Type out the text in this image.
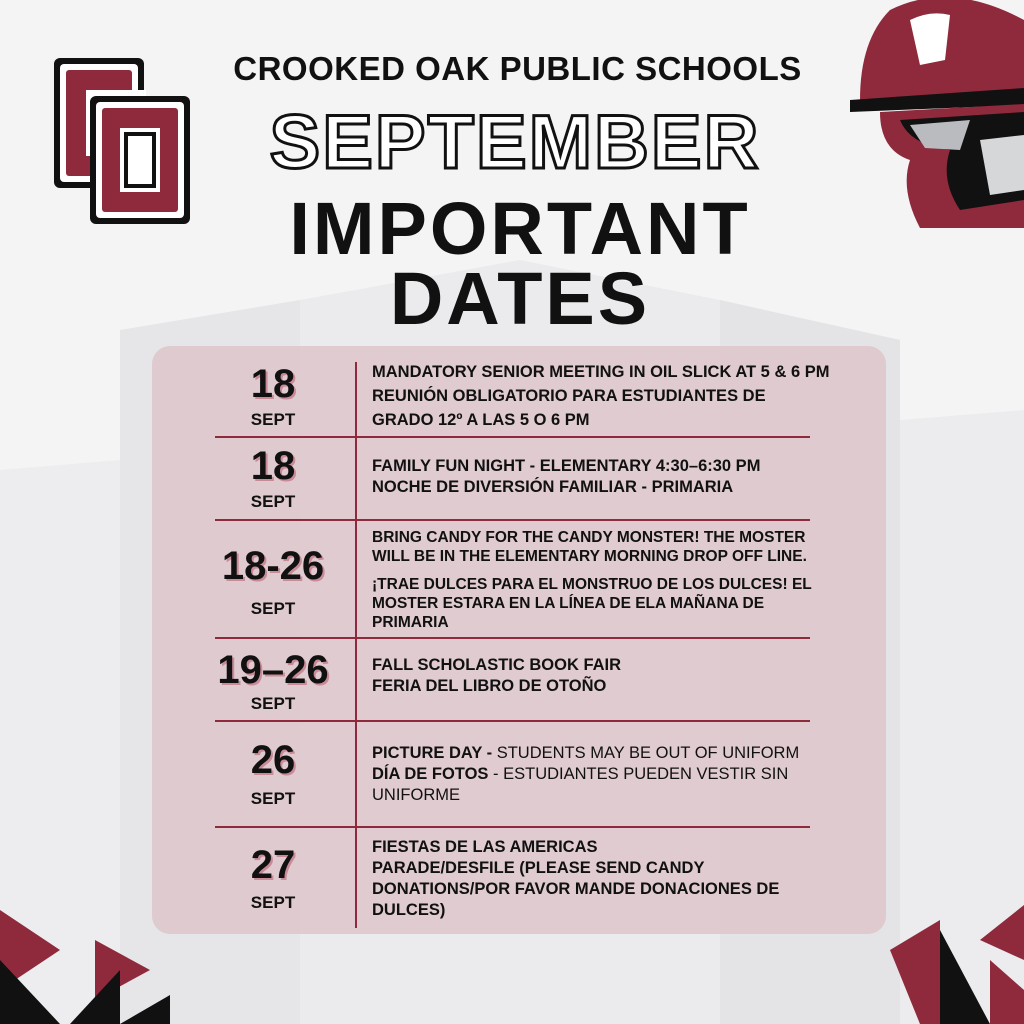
CROOKED OAK PUBLIC SCHOOLS
SEPTEMBER
IMPORTANT
DATES
18
SEPT
MANDATORY SENIOR MEETING IN OIL SLICK AT 5 & 6 PM
REUNIÓN OBLIGATORIO PARA ESTUDIANTES DE
GRADO 12º A LAS 5 O 6 PM
18
SEPT
FAMILY FUN NIGHT - ELEMENTARY 4:30–6:30 PM
NOCHE DE DIVERSIÓN FAMILIAR - PRIMARIA
18-26
SEPT
BRING CANDY FOR THE CANDY MONSTER! THE MOSTER
WILL BE IN THE ELEMENTARY MORNING DROP OFF LINE.
¡TRAE DULCES PARA EL MONSTRUO DE LOS DULCES! EL
MOSTER ESTARA EN LA LÍNEA DE ELA MAÑANA DE
PRIMARIA
19–26
SEPT
FALL SCHOLASTIC BOOK FAIR
FERIA DEL LIBRO DE OTOÑO
26
SEPT
PICTURE DAY - STUDENTS MAY BE OUT OF UNIFORM
DÍA DE FOTOS - ESTUDIANTES PUEDEN VESTIR SIN
UNIFORME
27
SEPT
FIESTAS DE LAS AMERICAS
PARADE/DESFILE (PLEASE SEND CANDY
DONATIONS/POR FAVOR MANDE DONACIONES DE
DULCES)
